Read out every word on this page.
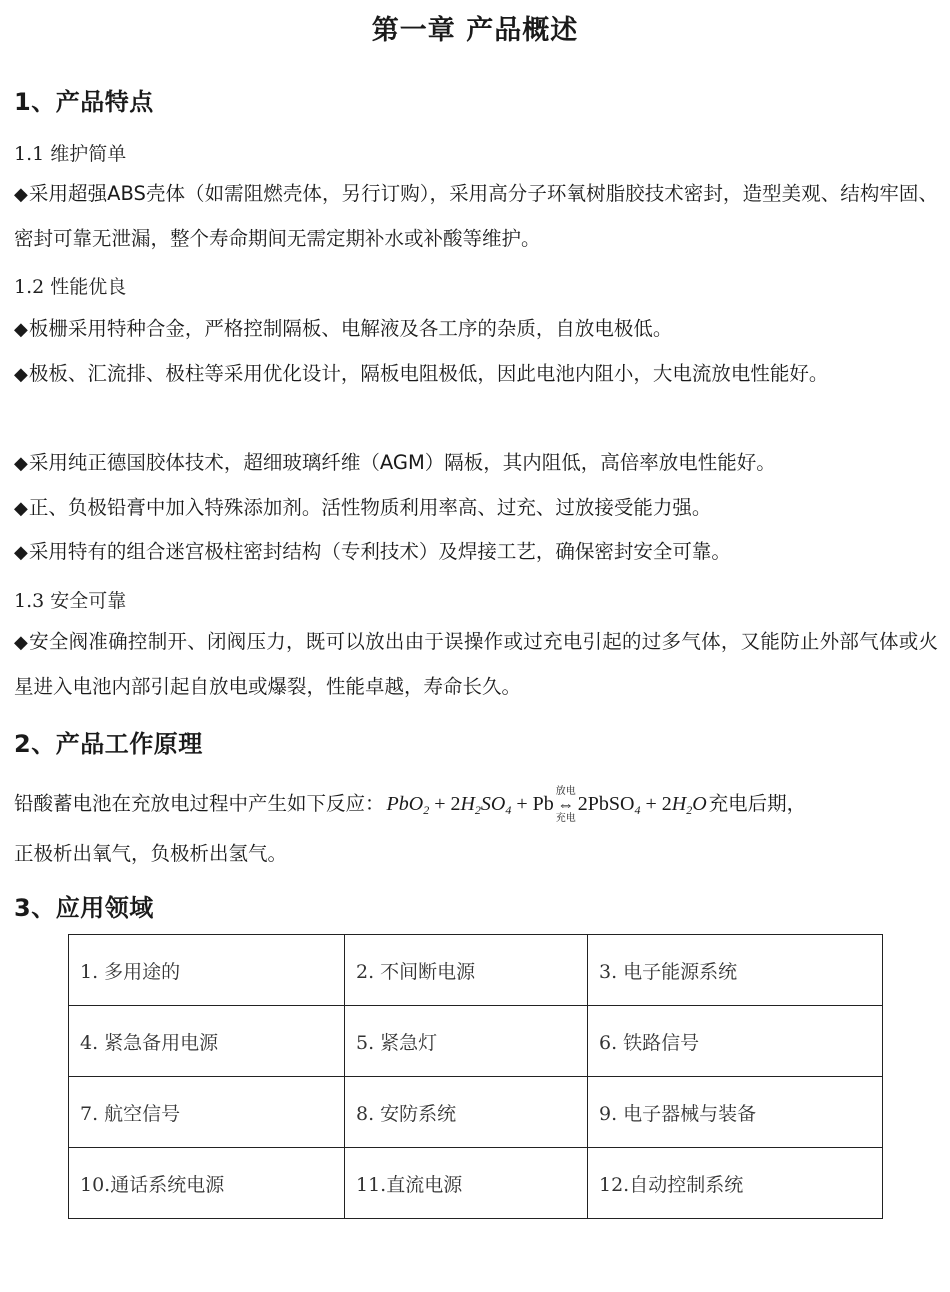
第一章 产品概述
1、产品特点
1.1 维护简单
◆采用超强ABS壳体（如需阻燃壳体，另行订购），采用高分子环氧树脂胶技术密封，造型美观、结构牢固、密封可靠无泄漏，整个寿命期间无需定期补水或补酸等维护。
1.2 性能优良
◆板栅采用特种合金，严格控制隔板、电解液及各工序的杂质，自放电极低。
◆极板、汇流排、极柱等采用优化设计，隔板电阻极低，因此电池内阻小，大电流放电性能好。
◆采用纯正德国胶体技术，超细玻璃纤维（AGM）隔板，其内阻低，高倍率放电性能好。
◆正、负极铅膏中加入特殊添加剂。活性物质利用率高、过充、过放接受能力强。
◆采用特有的组合迷宫极柱密封结构（专利技术）及焊接工艺，确保密封安全可靠。
1.3 安全可靠
◆安全阀准确控制开、闭阀压力，既可以放出由于误操作或过充电引起的过多气体，又能防止外部气体或火星进入电池内部引起自放电或爆裂，性能卓越，寿命长久。
2、产品工作原理
铅酸蓄电池在充放电过程中产生如下反应： $PbO_2 + 2H_2SO_4 + Pb$
放电
⇔
充电
2PbSO$_4$ + $2H_2O$ 充电后期，
正极析出氧气，负极析出氢气。
3、应用领域
1. 多用途的	2. 不间断电源	3. 电子能源系统
4. 紧急备用电源	5. 紧急灯	6. 铁路信号
7. 航空信号	8. 安防系统	9. 电子器械与装备
10.通话系统电源	11.直流电源	12.自动控制系统
